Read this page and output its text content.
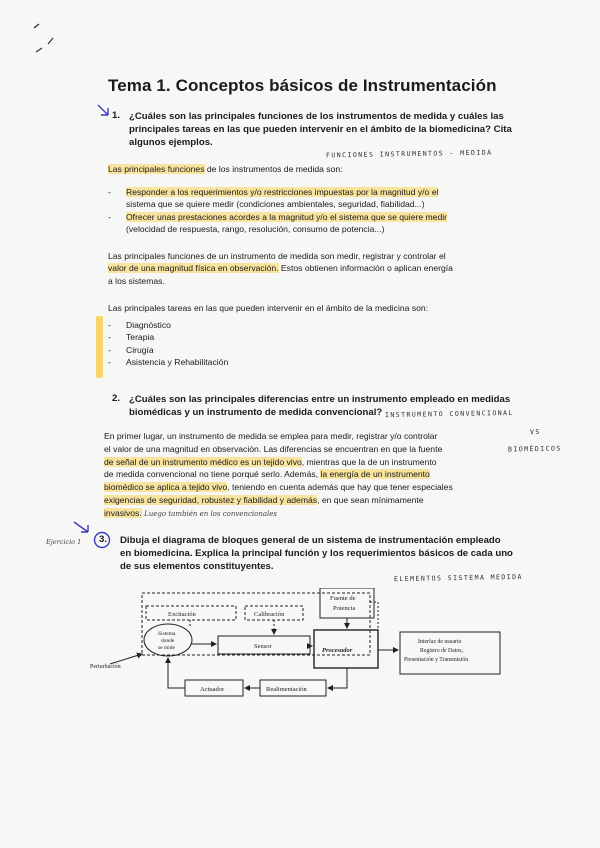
Tema 1. Conceptos básicos de Instrumentación
1. ¿Cuáles son las principales funciones de los instrumentos de medida y cuáles las
principales tareas en las que pueden intervenir en el ámbito de la biomedicina? Cita
algunos ejemplos.
FUNCIONES INSTRUMENTOS - MEDIDA
Las principales funciones de los instrumentos de medida son:
- Responder a los requerimientos y/o restricciones impuestas por la magnitud y/o el
sistema que se quiere medir (condiciones ambientales, seguridad, fiabilidad...)
- Ofrecer unas prestaciones acordes a la magnitud y/o el sistema que se quiere medir
(velocidad de respuesta, rango, resolución, consumo de potencia...)
Las principales funciones de un instrumento de medida son medir, registrar y controlar el
valor de una magnitud física en observación. Estos obtienen información o aplican energía
a los sistemas.
Las principales tareas en las que pueden intervenir en el ámbito de la medicina son:
- Diagnóstico
- Terapia
- Cirugía
- Asistencia y Rehabilitación
2. ¿Cuáles son las principales diferencias entre un instrumento empleado en medidas
biomédicas y un instrumento de medida convencional? INSTRUMENTO CONVENCIONAL
VS
BIOMÉDICOS
En primer lugar, un instrumento de medida se emplea para medir, registrar y/o controlar
el valor de una magnitud en observación. Las diferencias se encuentran en que la fuente
de señal de un instrumento médico es un tejido vivo, mientras que la de un instrumento
de medida convencional no tiene porqué serlo. Además, la energía de un instrumento
biomédico se aplica a tejido vivo, teniendo en cuenta además que hay que tener especiales
exigencias de seguridad, robustez y fiabilidad y además, en que sean mínimamente
invasivos. Luego también en los convencionales
Ejercicio 1 3. Dibuja el diagrama de bloques general de un sistema de instrumentación empleado
en biomedicina. Explica la principal función y los requerimientos básicos de cada uno
de sus elementos constituyentes.
ELEMENTOS SISTEMA MEDIDA
Fuente de
Potencia
Excitación	Calibración
Sistema
donde
se mide	Sensor
Procesador
Interfaz de usuario
Registro de Datos,
Presentación y Transmisión
Actuador	Realimentación
Perturbación
